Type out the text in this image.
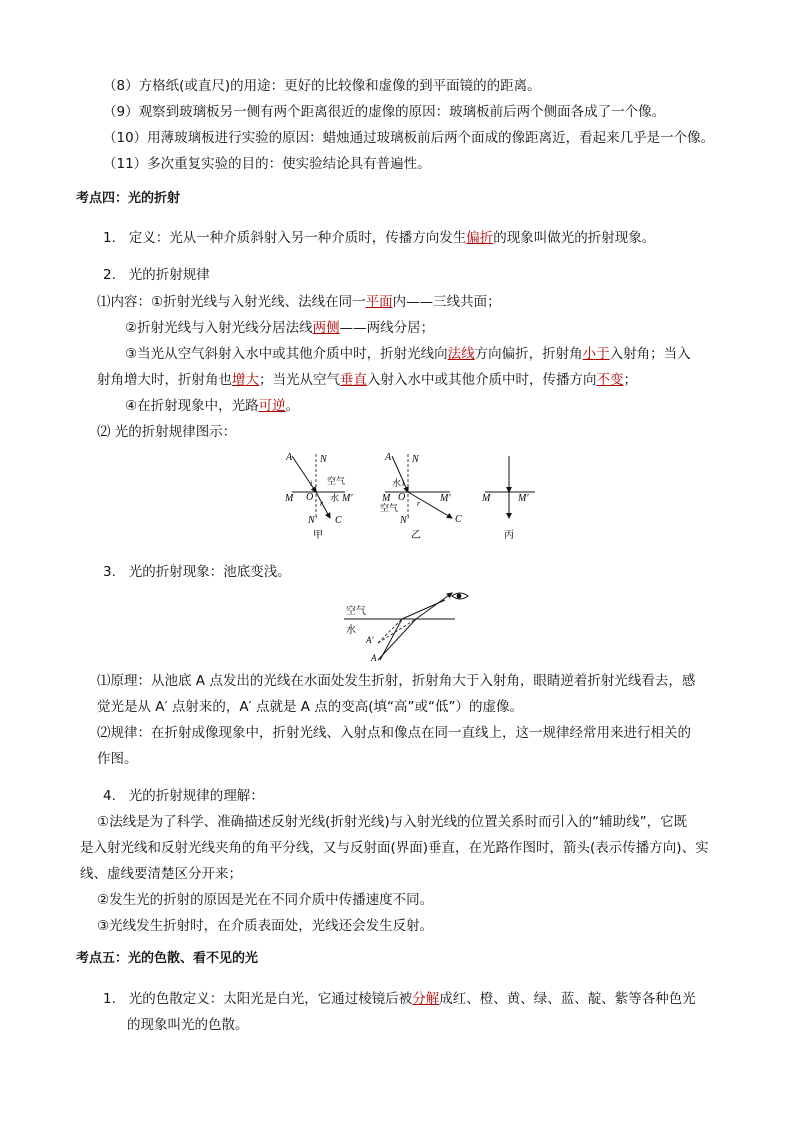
（8）方格纸(或直尺)的用途：更好的比较像和虚像的到平面镜的的距离。
（9）观察到玻璃板另一侧有两个距离很近的虚像的原因：玻璃板前后两个侧面各成了一个像。
（10）用薄玻璃板进行实验的原因：蜡烛通过玻璃板前后两个面成的像距离近，看起来几乎是一个像。
（11）多次重复实验的目的：使实验结论具有普遍性。
考点四：光的折射
1. 定义：光从一种介质斜射入另一种介质时，传播方向发生偏折的现象叫做光的折射现象。
2. 光的折射规律
⑴内容：①折射光线与入射光线、法线在同一平面内——三线共面；
②折射光线与入射光线分居法线两侧——两线分居；
③当光从空气斜射入水中或其他介质中时，折射光线向法线方向偏折，折射角小于入射角；当入
射角增大时，折射角也增大；当光从空气垂直入射入水中或其他介质中时，传播方向不变；
④在折射现象中，光路可逆。
⑵ 光的折射规律图示：
A	N
M O
i
r
空气
水 M′
N′ C
甲
A N
水
M O
i
r
空气
M′
N′	C
乙
M	M′
丙
3. 光的折射现象：池底变浅。
空气
水
A′
A
⑴原理：从池底 A 点发出的光线在水面处发生折射，折射角大于入射角，眼睛逆着折射光线看去，感
觉光是从 A′ 点射来的，A′ 点就是 A 点的变高(填“高”或“低”）的虚像。
⑵规律：在折射成像现象中，折射光线、入射点和像点在同一直线上，这一规律经常用来进行相关的
作图。
4. 光的折射规律的理解：
①法线是为了科学、准确描述反射光线(折射光线)与入射光线的位置关系时而引入的“辅助线”，它既
是入射光线和反射光线夹角的角平分线，又与反射面(界面)垂直，在光路作图时，箭头(表示传播方向)、实
线、虚线要清楚区分开来；
②发生光的折射的原因是光在不同介质中传播速度不同。
③光线发生折射时，在介质表面处，光线还会发生反射。
考点五：光的色散、看不见的光
1. 光的色散定义：太阳光是白光，它通过棱镜后被分解成红、橙、黄、绿、蓝、靛、紫等各种色光
的现象叫光的色散。
